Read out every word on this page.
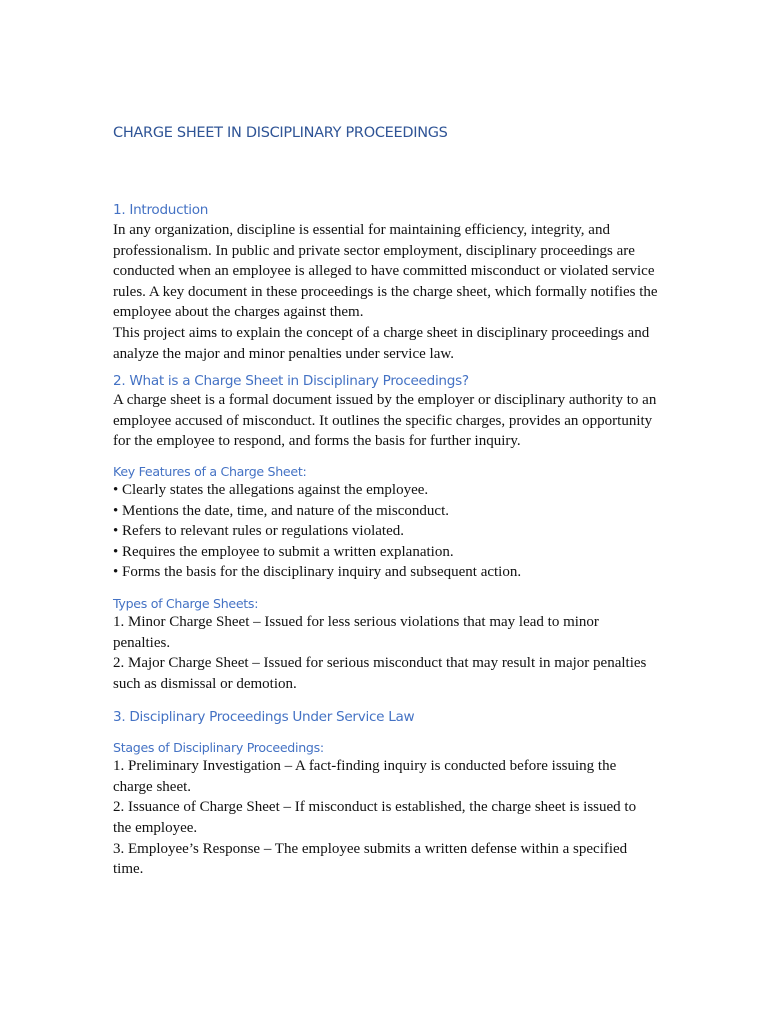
CHARGE SHEET IN DISCIPLINARY PROCEEDINGS
1. Introduction

In any organization, discipline is essential for maintaining efficiency, integrity, and professionalism. In public and private sector employment, disciplinary proceedings are conducted when an employee is alleged to have committed misconduct or violated service rules. A key document in these proceedings is the charge sheet, which formally notifies the employee about the charges against them.

This project aims to explain the concept of a charge sheet in disciplinary proceedings and analyze the major and minor penalties under service law.

2. What is a Charge Sheet in Disciplinary Proceedings?

A charge sheet is a formal document issued by the employer or disciplinary authority to an employee accused of misconduct. It outlines the specific charges, provides an opportunity for the employee to respond, and forms the basis for further inquiry.

Key Features of a Charge Sheet:
• Clearly states the allegations against the employee.
• Mentions the date, time, and nature of the misconduct.
• Refers to relevant rules or regulations violated.
• Requires the employee to submit a written explanation.
• Forms the basis for the disciplinary inquiry and subsequent action.
Types of Charge Sheets:
1. Minor Charge Sheet – Issued for less serious violations that may lead to minor penalties.
2. Major Charge Sheet – Issued for serious misconduct that may result in major penalties such as dismissal or demotion.
3. Disciplinary Proceedings Under Service Law
Stages of Disciplinary Proceedings:
1. Preliminary Investigation – A fact-finding inquiry is conducted before issuing the charge sheet.
2. Issuance of Charge Sheet – If misconduct is established, the charge sheet is issued to the employee.
3. Employee’s Response – The employee submits a written defense within a specified time.
